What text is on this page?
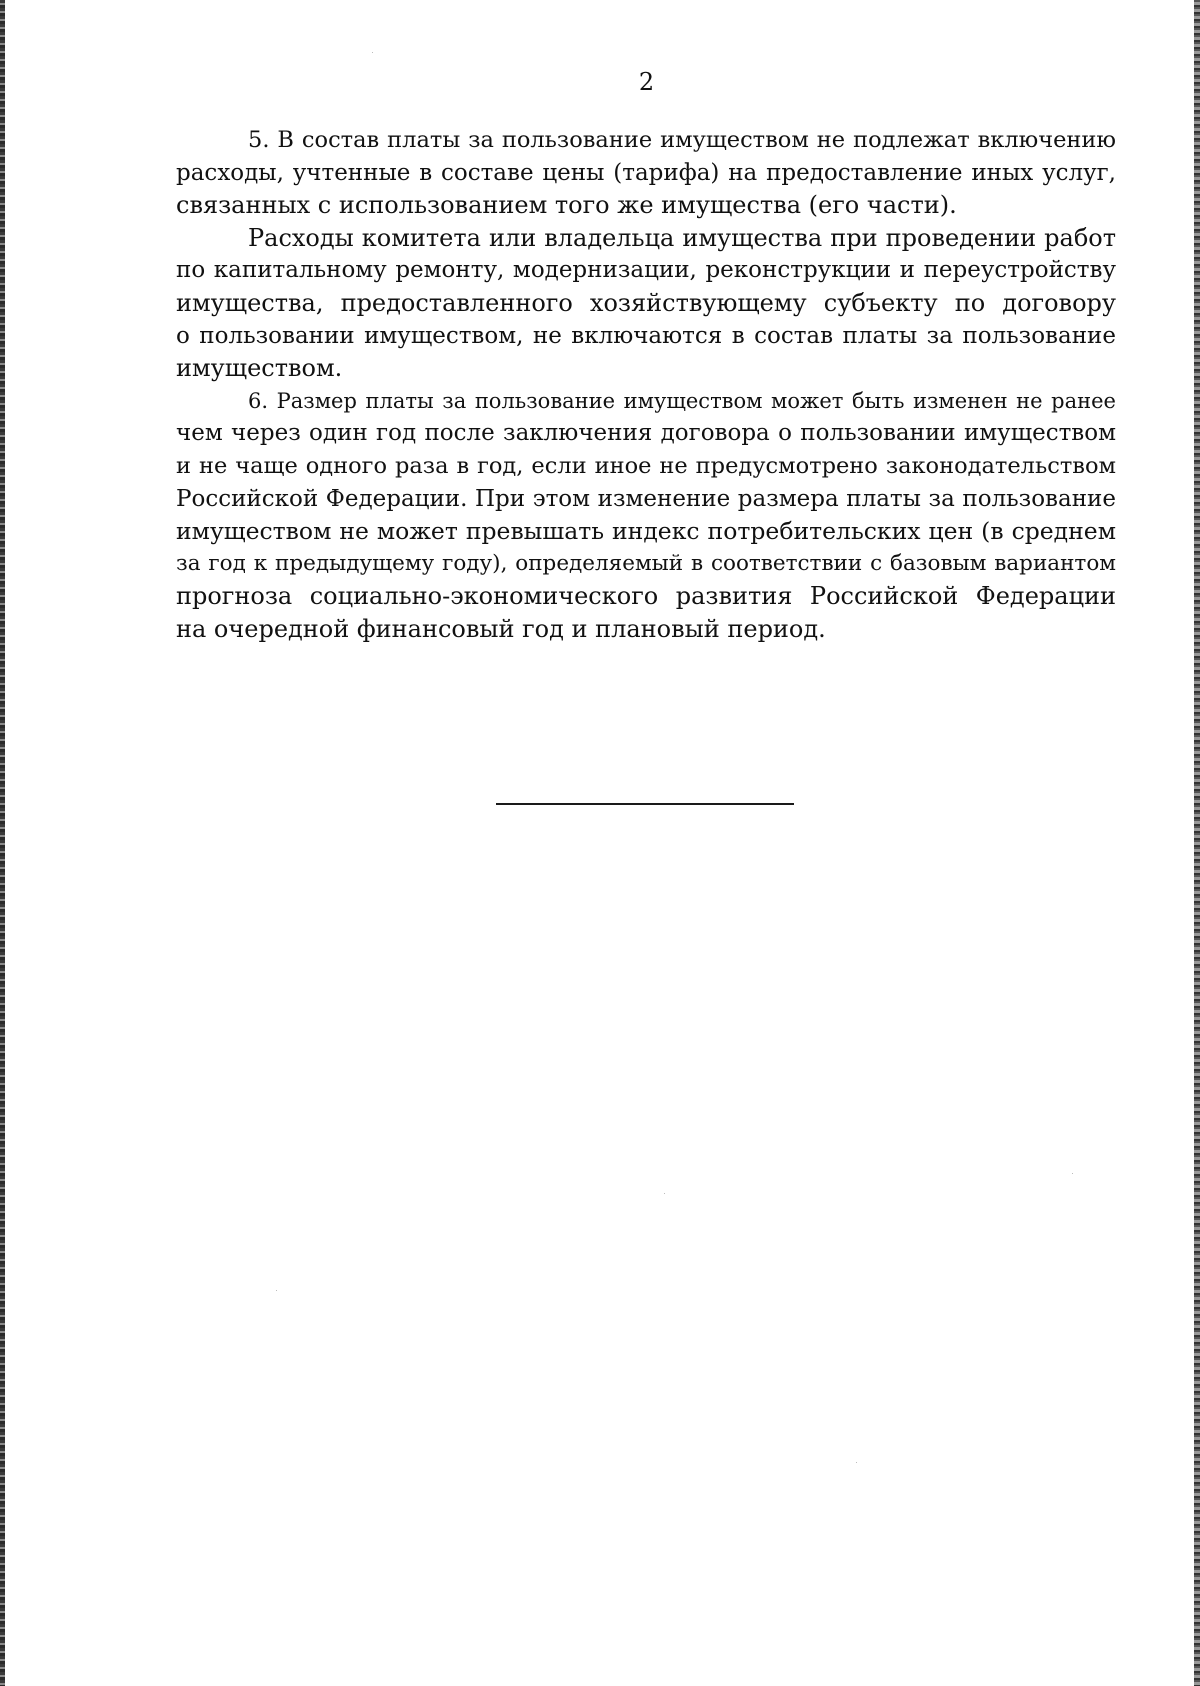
2
5. В состав платы за пользование имуществом не подлежат включению
расходы, учтенные в составе цены (тарифа) на предоставление иных услуг,
связанных с использованием того же имущества (его части).
Расходы комитета или владельца имущества при проведении работ
по капитальному ремонту, модернизации, реконструкции и переустройству
имущества, предоставленного хозяйствующему субъекту по договору
о пользовании имуществом, не включаются в состав платы за пользование
имуществом.
6. Размер платы за пользование имуществом может быть изменен не ранее
чем через один год после заключения договора о пользовании имуществом
и не чаще одного раза в год, если иное не предусмотрено законодательством
Российской Федерации. При этом изменение размера платы за пользование
имуществом не может превышать индекс потребительских цен (в среднем
за год к предыдущему году), определяемый в соответствии с базовым вариантом
прогноза социально-экономического развития Российской Федерации
на очередной финансовый год и плановый период.
